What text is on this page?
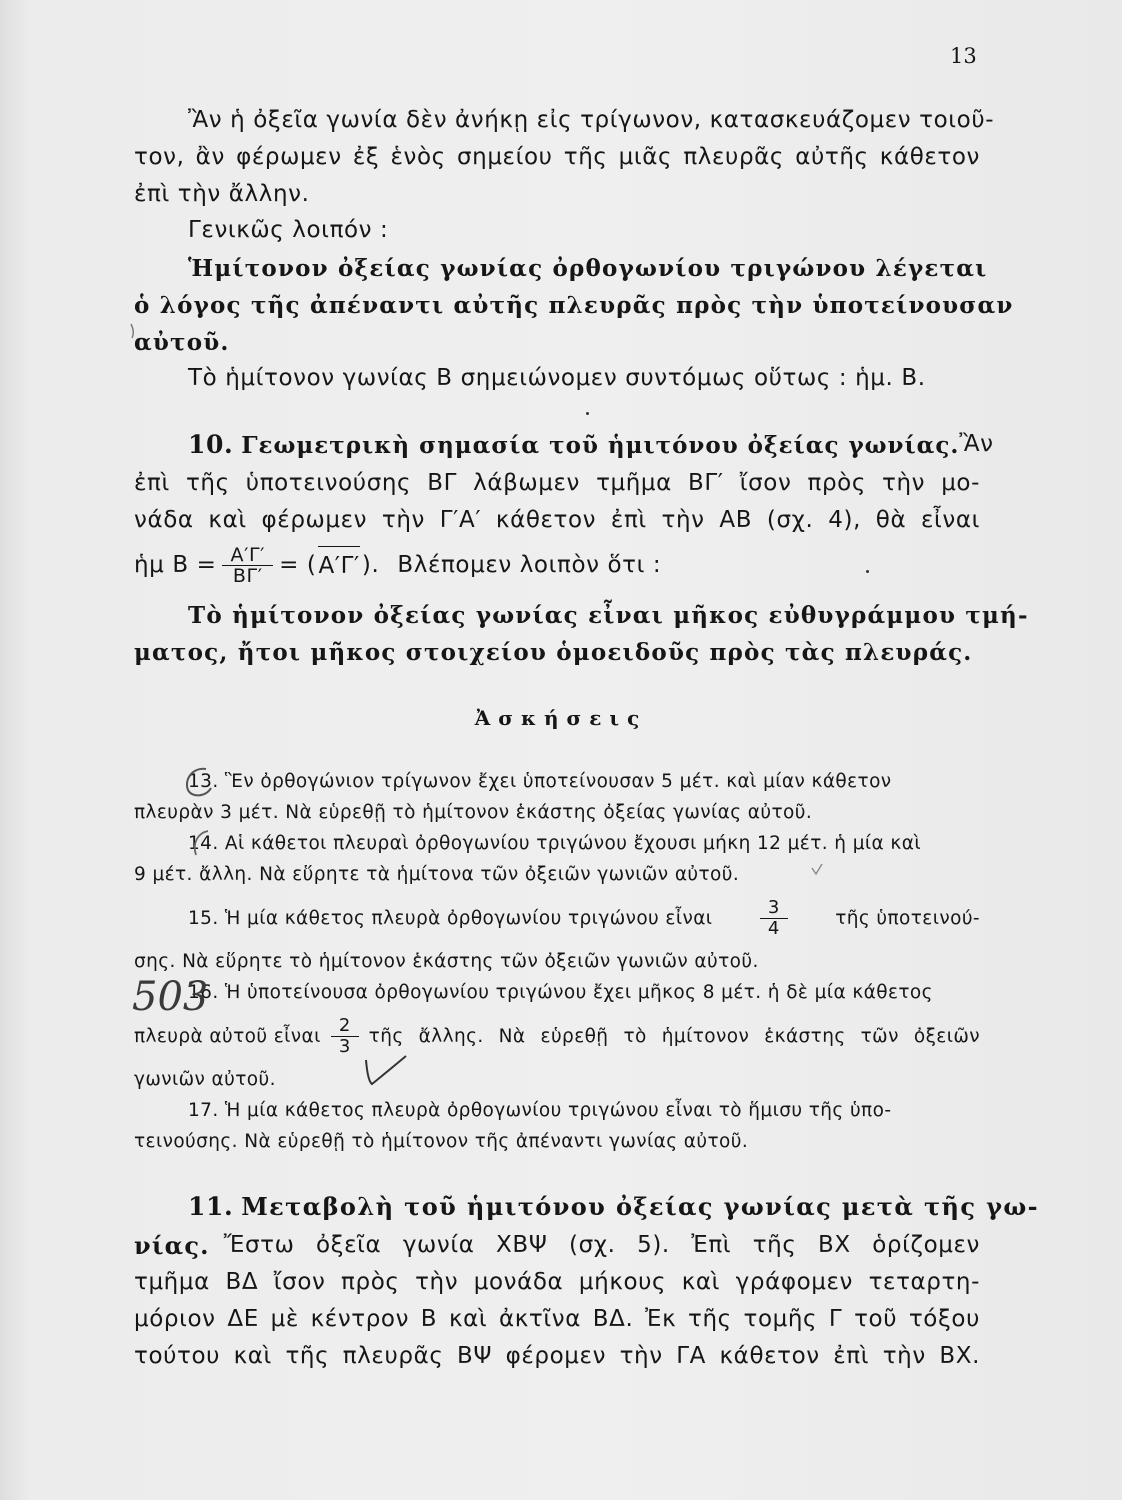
13
Ἂν ἡ ὀξεῖα γωνία δὲν ἀνήκῃ εἰς τρίγωνον, κατασκευάζομεν τοιοῦ-
τον, ἂν φέρωμεν ἐξ ἑνὸς σημείου τῆς μιᾶς πλευρᾶς αὐτῆς κάθετον
ἐπὶ τὴν ἄλλην.
Γενικῶς λοιπόν :
Ἡμίτονον ὀξείας γωνίας ὀρθογωνίου τριγώνου λέγεται
ὁ λόγος τῆς ἀπέναντι αὐτῆς πλευρᾶς πρὸς τὴν ὑποτείνουσαν
αὐτοῦ.
Τὸ ἡμίτονον γωνίας Β σημειώνομεν συντόμως οὕτως : ἡμ. Β.
10. Γεωμετρικὴ σημασία τοῦ ἡμιτόνου ὀξείας γωνίας. Ἂν
ἐπὶ τῆς ὑποτεινούσης ΒΓ λάβωμεν τμῆμα ΒΓ′ ἴσον πρὸς τὴν μο-
νάδα καὶ φέρωμεν τὴν Γ′Α′ κάθετον ἐπὶ τὴν ΑΒ (σχ. 4), θὰ εἶναι
ἡμ $B = \frac{A'\Gamma'}{B\Gamma'}$ = ( Α′Γ′ ). Βλέπομεν λοιπὸν ὅτι :
Τὸ ἡμίτονον ὀξείας γωνίας εἶναι μῆκος εὐθυγράμμου τμή-
ματος, ἤτοι μῆκος στοιχείου ὁμοειδοῦς πρὸς τὰς πλευράς.
Ἀσκήσεις
13. Ἓν ὀρθογώνιον τρίγωνον ἔχει ὑποτείνουσαν 5 μέτ. καὶ μίαν κάθετον
πλευρὰν 3 μέτ. Νὰ εὑρεθῇ τὸ ἡμίτονον ἑκάστης ὀξείας γωνίας αὐτοῦ.
14. Αἱ κάθετοι πλευραὶ ὀρθογωνίου τριγώνου ἔχουσι μήκη 12 μέτ. ἡ μία καὶ
9 μέτ. ἄλλη. Νὰ εὕρητε τὰ ἡμίτονα τῶν ὀξειῶν γωνιῶν αὐτοῦ.
15. Ἡ μία κάθετος πλευρὰ ὀρθογωνίου τριγώνου εἶναι	$\frac{3}{4}$	τῆς ὑποτεινού-
σης. Νὰ εὕρητε τὸ ἡμίτονον ἑκάστης τῶν ὀξειῶν γωνιῶν αὐτοῦ.
16. Ἡ ὑποτείνουσα ὀρθογωνίου τριγώνου ἔχει μῆκος 8 μέτ. ἡ δὲ μία κάθετος
πλευρὰ αὐτοῦ εἶναι $\frac{2}{3}$ τῆς ἄλλης. Νὰ εὑρεθῇ τὸ ἡμίτονον ἑκάστης τῶν ὀξειῶν
γωνιῶν αὐτοῦ.
17. Ἡ μία κάθετος πλευρὰ ὀρθογωνίου τριγώνου εἶναι τὸ ἥμισυ τῆς ὑπο-
τεινούσης. Νὰ εὑρεθῇ τὸ ἡμίτονον τῆς ἀπέναντι γωνίας αὐτοῦ.
11. Μεταβολὴ τοῦ ἡμιτόνου ὀξείας γωνίας μετὰ τῆς γω-
νίας. Ἔστω ὀξεῖα γωνία ΧΒΨ (σχ. 5). Ἐπὶ τῆς ΒΧ ὁρίζομεν
τμῆμα ΒΔ ἴσον πρὸς τὴν μονάδα μήκους καὶ γράφομεν τεταρτη-
μόριον ΔΕ μὲ κέντρον Β καὶ ἀκτῖνα ΒΔ. Ἐκ τῆς τομῆς Γ τοῦ τόξου
τούτου καὶ τῆς πλευρᾶς ΒΨ φέρομεν τὴν ΓΑ κάθετον ἐπὶ τὴν ΒΧ.
503
